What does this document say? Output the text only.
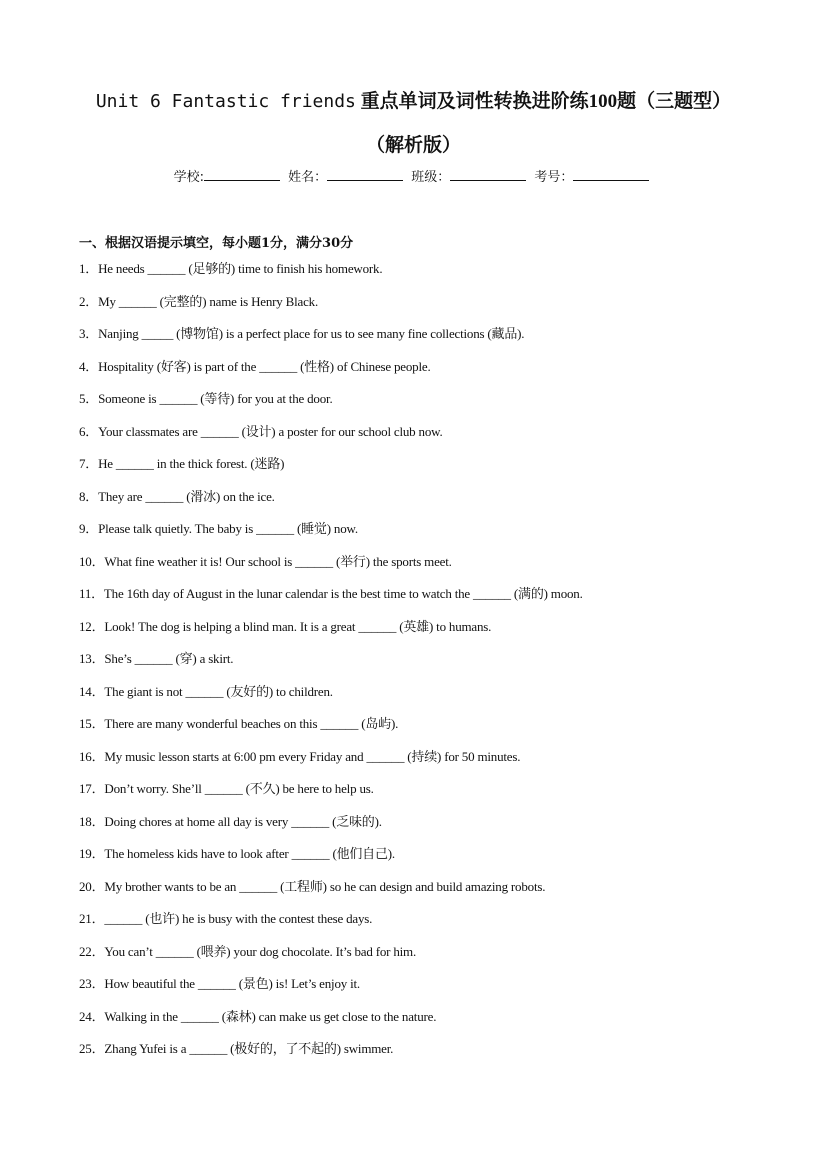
Unit 6 Fantastic friends 重点单词及词性转换进阶练100题（三题型）
（解析版）
学校:	姓名：	班级：	考号：
一、根据汉语提示填空，每小题1分，满分30分
1．He needs ______ (足够的) time to finish his homework.
2．My ______ (完整的) name is Henry Black.
3．Nanjing _____ (博物馆) is a perfect place for us to see many fine collections (藏品).
4．Hospitality (好客) is part of the ______ (性格) of Chinese people.
5．Someone is ______ (等待) for you at the door.
6．Your classmates are ______ (设计) a poster for our school club now.
7．He ______ in the thick forest. (迷路)
8．They are ______ (滑冰) on the ice.
9．Please talk quietly. The baby is ______ (睡觉) now.
10．What fine weather it is! Our school is ______ (举行) the sports meet.
11．The 16th day of August in the lunar calendar is the best time to watch the ______ (满的) moon.
12．Look! The dog is helping a blind man. It is a great ______ (英雄) to humans.
13．She’s ______ (穿) a skirt.
14．The giant is not ______ (友好的) to children.
15．There are many wonderful beaches on this ______ (岛屿).
16．My music lesson starts at 6:00 pm every Friday and ______ (持续) for 50 minutes.
17．Don’t worry. She’ll ______ (不久) be here to help us.
18．Doing chores at home all day is very ______ (乏味的).
19．The homeless kids have to look after ______ (他们自己).
20．My brother wants to be an ______ (工程师) so he can design and build amazing robots.
21．______ (也许) he is busy with the contest these days.
22．You can’t ______ (喂养) your dog chocolate. It’s bad for him.
23．How beautiful the ______ (景色) is! Let’s enjoy it.
24．Walking in the ______ (森林) can make us get close to the nature.
25．Zhang Yufei is a ______ (极好的，了不起的) swimmer.
